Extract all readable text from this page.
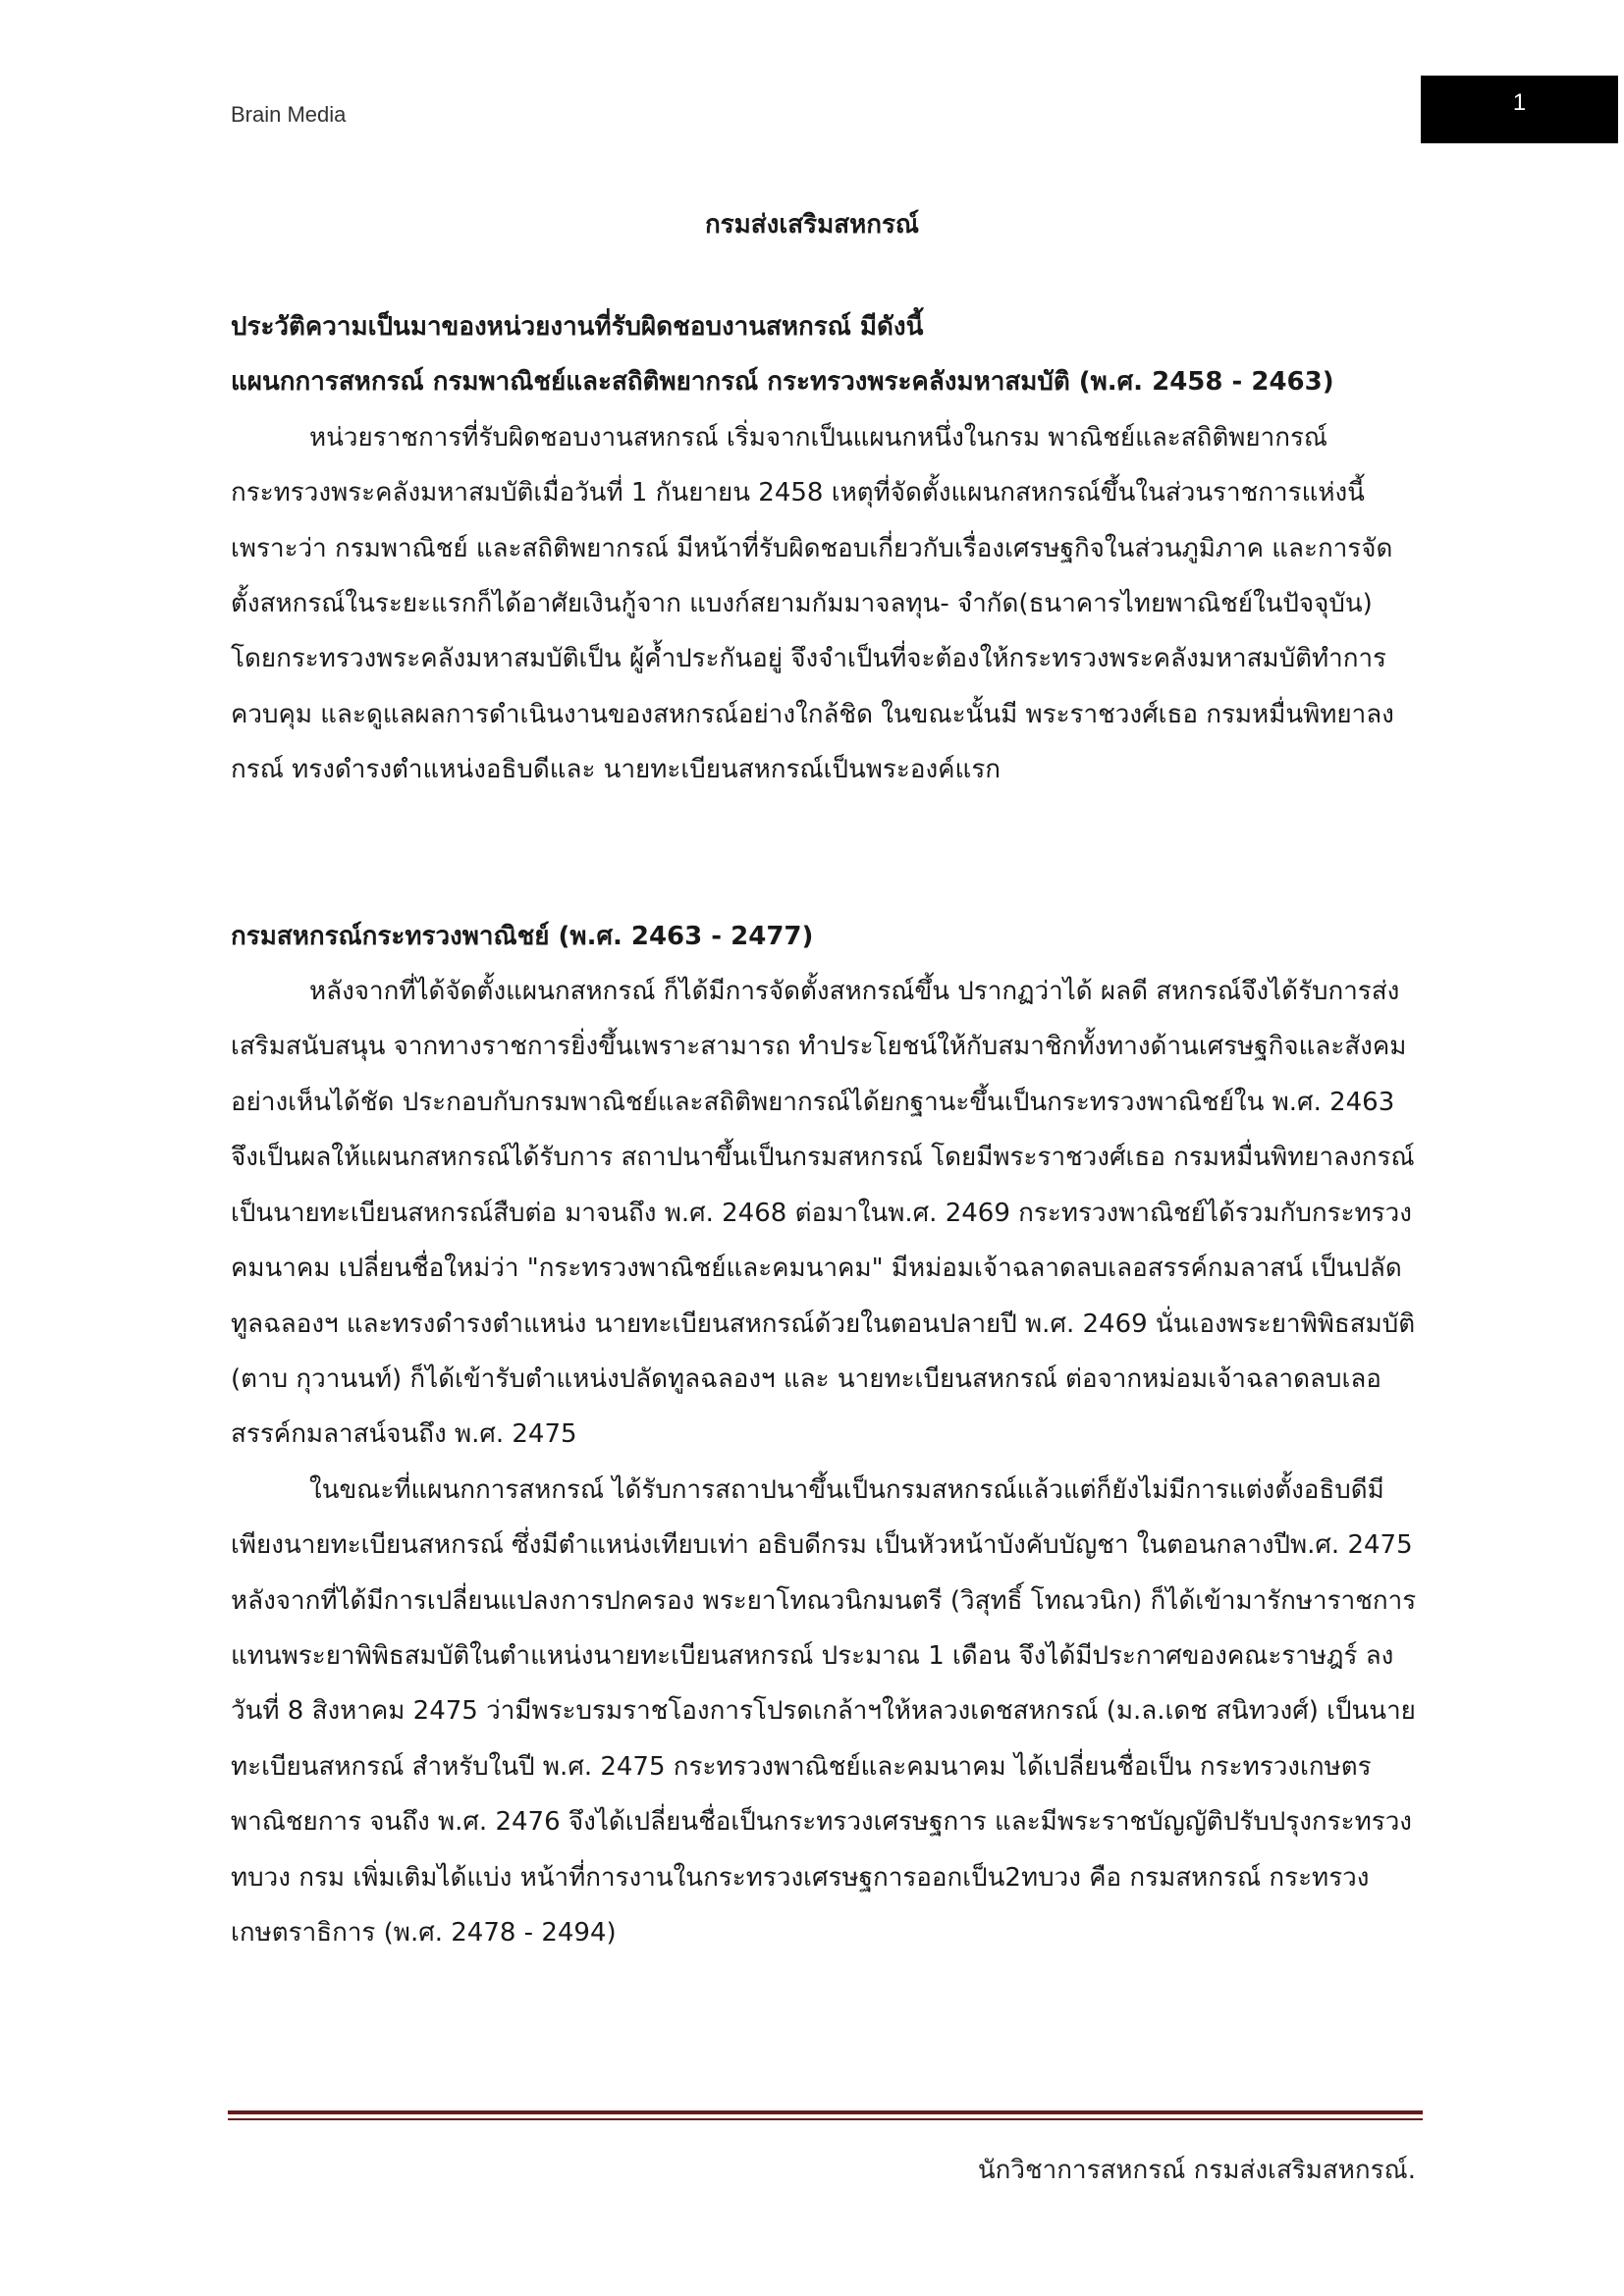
Brain Media	1
กรมส่งเสริมสหกรณ์

ประวัติความเป็นมาของหน่วยงานที่รับผิดชอบงานสหกรณ์ มีดังนี้

แผนกการสหกรณ์ กรมพาณิชย์และสถิติพยากรณ์ กระทรวงพระคลังมหาสมบัติ (พ.ศ. 2458 - 2463)

หน่วยราชการที่รับผิดชอบงานสหกรณ์ เริ่มจากเป็นแผนกหนึ่งในกรม พาณิชย์และสถิติพยากรณ์ กระทรวงพระคลังมหาสมบัติเมื่อวันที่ 1 กันยายน 2458 เหตุที่จัดตั้งแผนกสหกรณ์ขึ้นในส่วนราชการแห่งนี้ เพราะว่า กรมพาณิชย์ และสถิติพยากรณ์ มีหน้าที่รับผิดชอบเกี่ยวกับเรื่องเศรษฐกิจในส่วนภูมิภาค และการจัดตั้งสหกรณ์ในระยะแรกก็ได้อาศัยเงินกู้จาก แบงก์สยามกัมมาจลทุน- จำกัด(ธนาคารไทยพาณิชย์ในปัจจุบัน) โดยกระทรวงพระคลังมหาสมบัติเป็น ผู้ค้ำประกันอยู่ จึงจำเป็นที่จะต้องให้กระทรวงพระคลังมหาสมบัติทำการควบคุม และดูแลผลการดำเนินงานของสหกรณ์อย่างใกล้ชิด ในขณะนั้นมี พระราชวงศ์เธอ กรมหมื่นพิทยาลงกรณ์ ทรงดำรงตำแหน่งอธิบดีและ นายทะเบียนสหกรณ์เป็นพระองค์แรก

กรมสหกรณ์กระทรวงพาณิชย์ (พ.ศ. 2463 - 2477)

หลังจากที่ได้จัดตั้งแผนกสหกรณ์ ก็ได้มีการจัดตั้งสหกรณ์ขึ้น ปรากฏว่าได้ ผลดี สหกรณ์จึงได้รับการส่งเสริมสนับสนุน จากทางราชการยิ่งขึ้นเพราะสามารถ ทำประโยชน์ให้กับสมาชิกทั้งทางด้านเศรษฐกิจและสังคมอย่างเห็นได้ชัด ประกอบกับกรมพาณิชย์และสถิติพยากรณ์ได้ยกฐานะขึ้นเป็นกระทรวงพาณิชย์ใน พ.ศ. 2463 จึงเป็นผลให้แผนกสหกรณ์ได้รับการ สถาปนาขึ้นเป็นกรมสหกรณ์ โดยมีพระราชวงศ์เธอ กรมหมื่นพิทยาลงกรณ์ เป็นนายทะเบียนสหกรณ์สืบต่อ มาจนถึง พ.ศ. 2468 ต่อมาในพ.ศ. 2469 กระทรวงพาณิชย์ได้รวมกับกระทรวง คมนาคม เปลี่ยนชื่อใหม่ว่า "กระทรวงพาณิชย์และคมนาคม" มีหม่อมเจ้าฉลาดลบเลอสรรค์กมลาสน์ เป็นปลัดทูลฉลองฯ และทรงดำรงตำแหน่ง นายทะเบียนสหกรณ์ด้วยในตอนปลายปี พ.ศ. 2469 นั่นเองพระยาพิพิธสมบัติ (ตาบ กุวานนท์) ก็ได้เข้ารับตำแหน่งปลัดทูลฉลองฯ และ นายทะเบียนสหกรณ์ ต่อจากหม่อมเจ้าฉลาดลบเลอสรรค์กมลาสน์จนถึง พ.ศ. 2475

ในขณะที่แผนกการสหกรณ์ ได้รับการสถาปนาขึ้นเป็นกรมสหกรณ์แล้วแต่ก็ยังไม่มีการแต่งตั้งอธิบดีมีเพียงนายทะเบียนสหกรณ์ ซึ่งมีตำแหน่งเทียบเท่า อธิบดีกรม เป็นหัวหน้าบังคับบัญชา ในตอนกลางปีพ.ศ. 2475 หลังจากที่ได้มีการเปลี่ยนแปลงการปกครอง พระยาโทณวนิกมนตรี (วิสุทธิ์ โทณวนิก) ก็ได้เข้ามารักษาราชการแทนพระยาพิพิธสมบัติในตำแหน่งนายทะเบียนสหกรณ์ ประมาณ 1 เดือน จึงได้มีประกาศของคณะราษฎร์ ลงวันที่ 8 สิงหาคม 2475 ว่ามีพระบรมราชโองการโปรดเกล้าฯให้หลวงเดชสหกรณ์ (ม.ล.เดช สนิทวงศ์) เป็นนายทะเบียนสหกรณ์ สำหรับในปี พ.ศ. 2475 กระทรวงพาณิชย์และคมนาคม ได้เปลี่ยนชื่อเป็น กระทรวงเกษตรพาณิชยการ จนถึง พ.ศ. 2476 จึงได้เปลี่ยนชื่อเป็นกระทรวงเศรษฐการ และมีพระราชบัญญัติปรับปรุงกระทรวง ทบวง กรม เพิ่มเติมได้แบ่ง หน้าที่การงานในกระทรวงเศรษฐการออกเป็น2ทบวง คือ กรมสหกรณ์ กระทรวงเกษตราธิการ (พ.ศ. 2478 - 2494)

นักวิชาการสหกรณ์ กรมส่งเสริมสหกรณ์.
